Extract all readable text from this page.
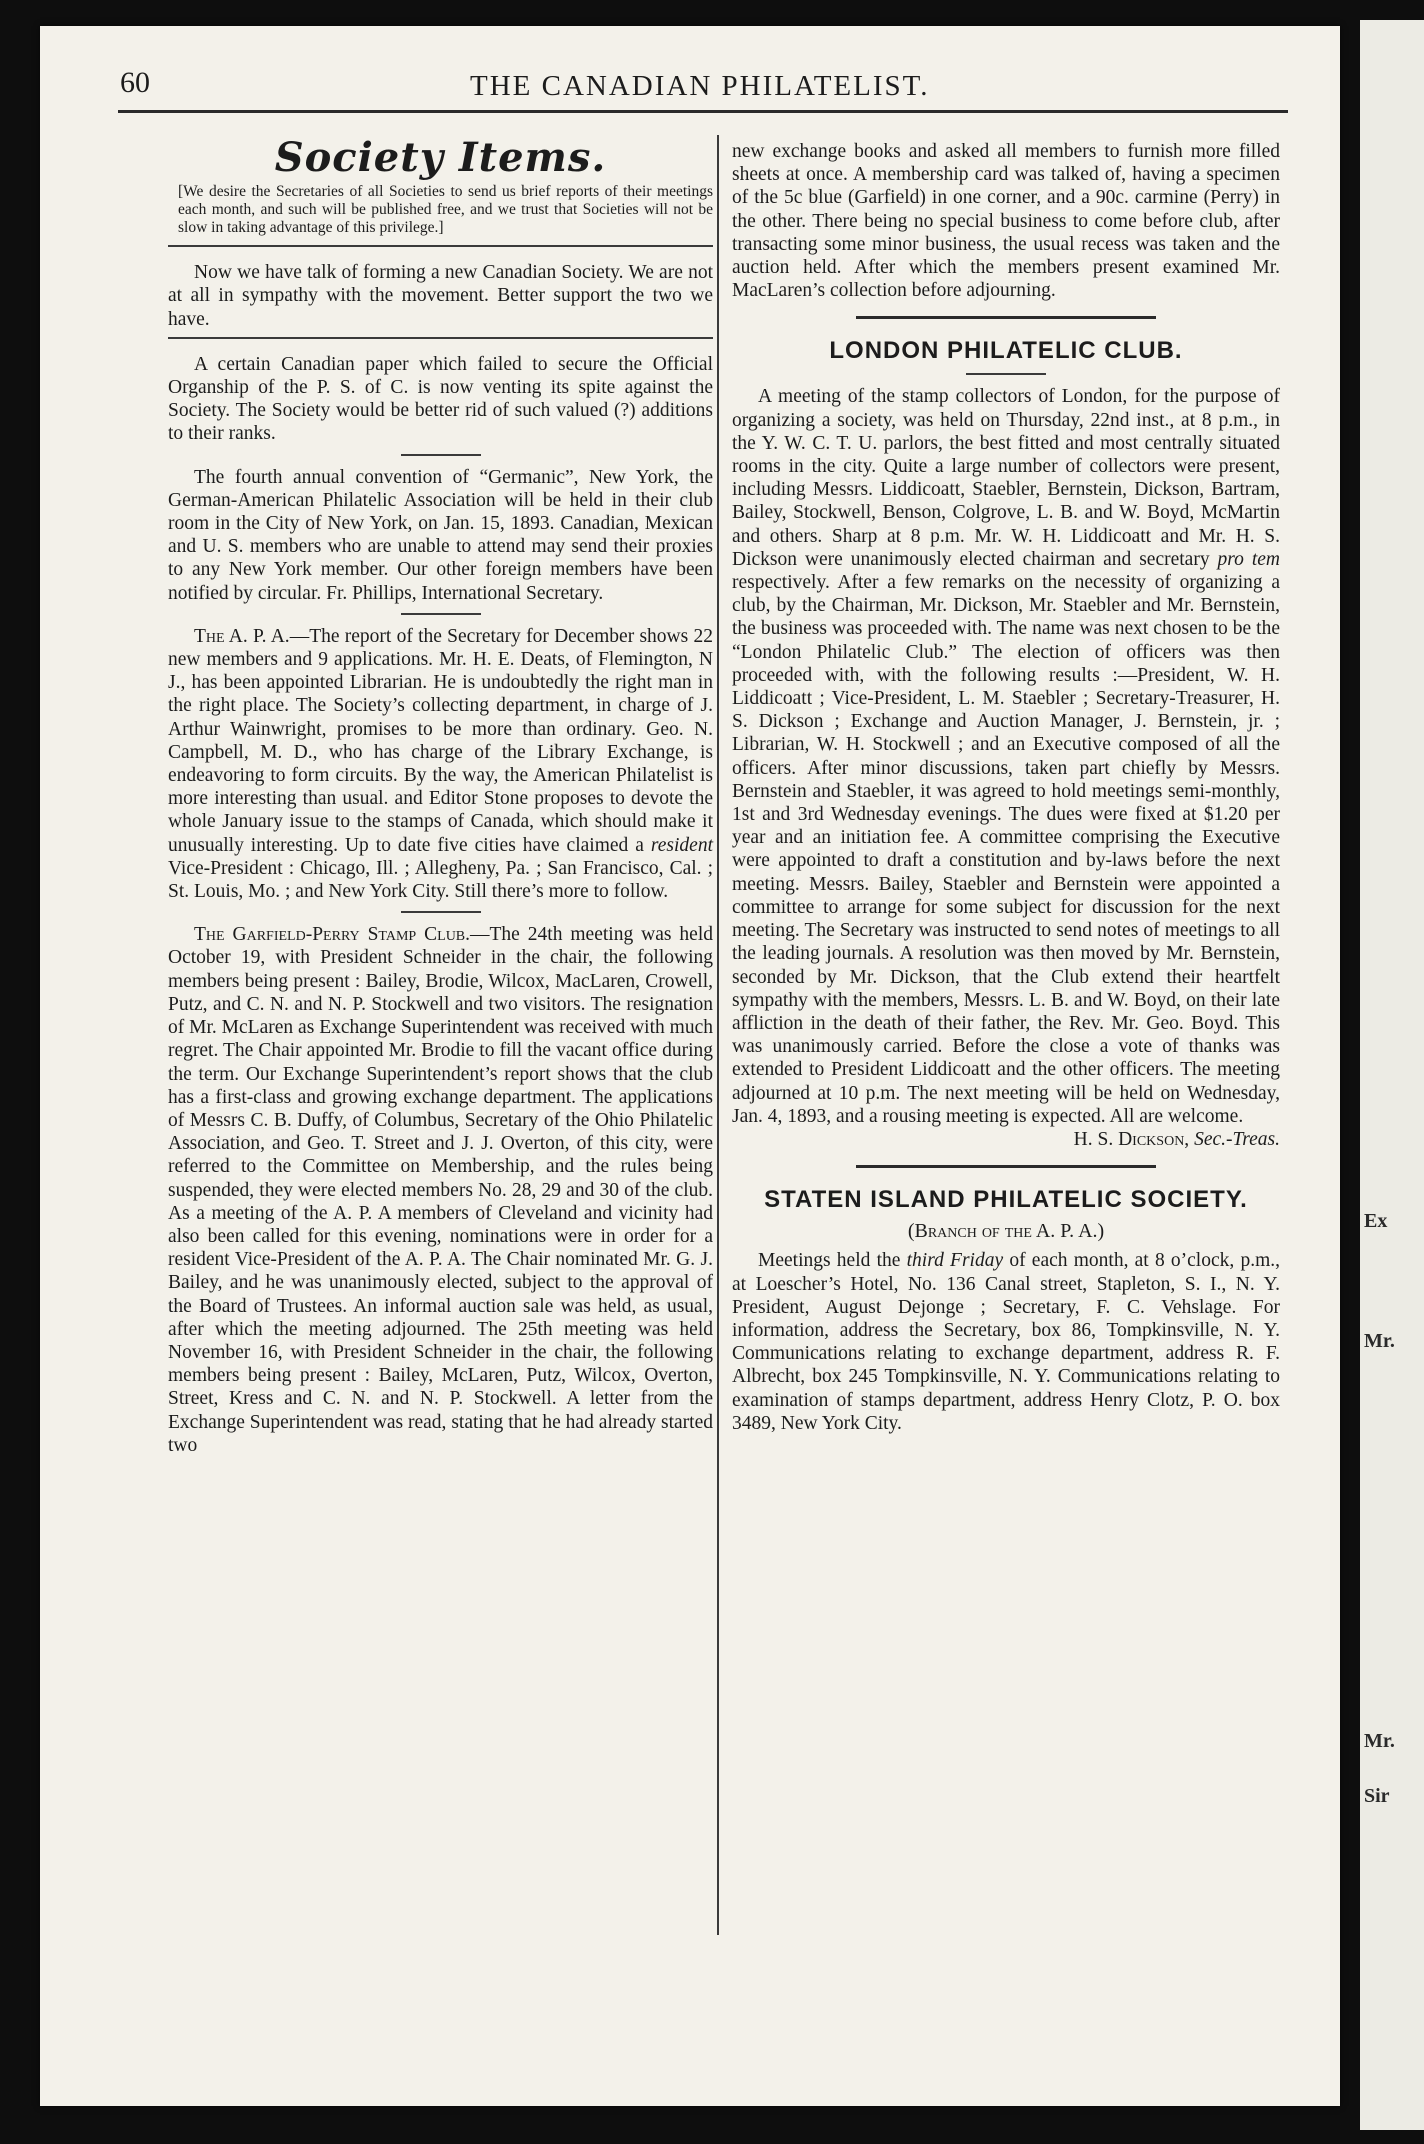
Ex
Mr.
Mr.
Sir
60	THE CANADIAN PHILATELIST.
Society Items.

[We desire the Secretaries of all Societies to send us brief reports of their meetings each month, and such will be published free, and we trust that Societies will not be slow in taking advantage of this privilege.]

Now we have talk of forming a new Canadian Society. We are not at all in sympathy with the movement. Better support the two we have.

A certain Canadian paper which failed to secure the Official Organship of the P. S. of C. is now venting its spite against the Society. The Society would be better rid of such valued (?) additions to their ranks.

The fourth annual convention of “Germanic”, New York, the German-American Philatelic Association will be held in their club room in the City of New York, on Jan. 15, 1893. Canadian, Mexican and U. S. members who are unable to attend may send their proxies to any New York member. Our other foreign members have been notified by circular. Fr. Phillips, International Secretary.

The A. P. A.—The report of the Secretary for December shows 22 new members and 9 applications. Mr. H. E. Deats, of Flemington, N J., has been appointed Librarian. He is undoubtedly the right man in the right place. The Society’s collecting department, in charge of J. Arthur Wainwright, promises to be more than ordinary. Geo. N. Campbell, M. D., who has charge of the Library Exchange, is endeavoring to form circuits. By the way, the American Philatelist is more interesting than usual. and Editor Stone proposes to devote the whole January issue to the stamps of Canada, which should make it unusually interesting. Up to date five cities have claimed a resident Vice-President : Chicago, Ill. ; Allegheny, Pa. ; San Francisco, Cal. ; St. Louis, Mo. ; and New York City. Still there’s more to follow.

The Garfield-Perry Stamp Club.—The 24th meeting was held October 19, with President Schneider in the chair, the following members being present : Bailey, Brodie, Wilcox, MacLaren, Crowell, Putz, and C. N. and N. P. Stockwell and two visitors. The resignation of Mr. McLaren as Exchange Superintendent was received with much regret. The Chair appointed Mr. Brodie to fill the vacant office during the term. Our Exchange Superintendent’s report shows that the club has a first-class and growing exchange department. The applications of Messrs C. B. Duffy, of Columbus, Secretary of the Ohio Philatelic Association, and Geo. T. Street and J. J. Overton, of this city, were referred to the Committee on Membership, and the rules being suspended, they were elected members No. 28, 29 and 30 of the club. As a meeting of the A. P. A members of Cleveland and vicinity had also been called for this evening, nominations were in order for a resident Vice-President of the A. P. A. The Chair nominated Mr. G. J. Bailey, and he was unanimously elected, subject to the approval of the Board of Trustees. An informal auction sale was held, as usual, after which the meeting adjourned. The 25th meeting was held November 16, with President Schneider in the chair, the following members being present : Bailey, McLaren, Putz, Wilcox, Overton, Street, Kress and C. N. and N. P. Stockwell. A letter from the Exchange Superintendent was read, stating that he had already started two

new exchange books and asked all members to furnish more filled sheets at once. A membership card was talked of, having a specimen of the 5c blue (Garfield) in one corner, and a 90c. carmine (Perry) in the other. There being no special business to come before club, after transacting some minor business, the usual recess was taken and the auction held. After which the members present examined Mr. MacLaren’s collection before adjourning.

LONDON PHILATELIC CLUB.

A meeting of the stamp collectors of London, for the purpose of organizing a society, was held on Thursday, 22nd inst., at 8 p.m., in the Y. W. C. T. U. parlors, the best fitted and most centrally situated rooms in the city. Quite a large number of collectors were present, including Messrs. Liddicoatt, Staebler, Bernstein, Dickson, Bartram, Bailey, Stockwell, Benson, Colgrove, L. B. and W. Boyd, McMartin and others. Sharp at 8 p.m. Mr. W. H. Liddicoatt and Mr. H. S. Dickson were unanimously elected chairman and secretary pro tem respectively. After a few remarks on the necessity of organizing a club, by the Chairman, Mr. Dickson, Mr. Staebler and Mr. Bernstein, the business was proceeded with. The name was next chosen to be the “London Philatelic Club.” The election of officers was then proceeded with, with the following results :—President, W. H. Liddicoatt ; Vice-President, L. M. Staebler ; Secretary-Treasurer, H. S. Dickson ; Exchange and Auction Manager, J. Bernstein, jr. ; Librarian, W. H. Stockwell ; and an Executive composed of all the officers. After minor discussions, taken part chiefly by Messrs. Bernstein and Staebler, it was agreed to hold meetings semi-monthly, 1st and 3rd Wednesday evenings. The dues were fixed at $1.20 per year and an initiation fee. A committee comprising the Executive were appointed to draft a constitution and by-laws before the next meeting. Messrs. Bailey, Staebler and Bernstein were appointed a committee to arrange for some subject for discussion for the next meeting. The Secretary was instructed to send notes of meetings to all the leading journals. A resolution was then moved by Mr. Bernstein, seconded by Mr. Dickson, that the Club extend their heartfelt sympathy with the members, Messrs. L. B. and W. Boyd, on their late affliction in the death of their father, the Rev. Mr. Geo. Boyd. This was unanimously carried. Before the close a vote of thanks was extended to President Liddicoatt and the other officers. The meeting adjourned at 10 p.m. The next meeting will be held on Wednesday, Jan. 4, 1893, and a rousing meeting is expected. All are welcome.

H. S. Dickson, Sec.-Treas.

STATEN ISLAND PHILATELIC SOCIETY.
(Branch of the A. P. A.)

Meetings held the third Friday of each month, at 8 o’clock, p.m., at Loescher’s Hotel, No. 136 Canal street, Stapleton, S. I., N. Y. President, August Dejonge ; Secretary, F. C. Vehslage. For information, address the Secretary, box 86, Tompkinsville, N. Y. Communications relating to exchange department, address R. F. Albrecht, box 245 Tompkinsville, N. Y. Communications relating to examination of stamps department, address Henry Clotz, P. O. box 3489, New York City.
